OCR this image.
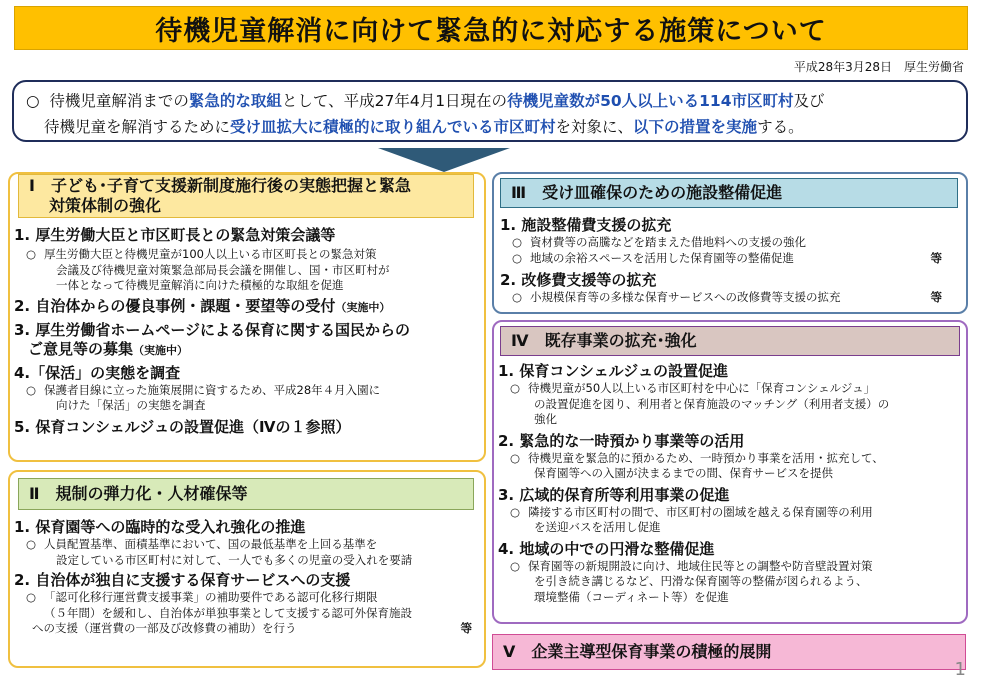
待機児童解消に向けて緊急的に対応する施策について
平成28年3月28日　厚生労働省
○ 待機児童解消までの緊急的な取組として、平成27年4月1日現在の待機児童数が50人以上いる114市区町村及び
待機児童を解消するために受け皿拡大に積極的に取り組んでいる市区町村を対象に、以下の措置を実施する。
Ⅰ　子ども･子育て支援新制度施行後の実態把握と緊急
対策体制の強化
1. 厚生労働大臣と市区町長との緊急対策会議等
○ 厚生労働大臣と待機児童が100人以上いる市区町長との緊急対策
会議及び待機児童対策緊急部局長会議を開催し、国・市区町村が
一体となって待機児童解消に向けた積極的な取組を促進
2. 自治体からの優良事例・課題・要望等の受付（実施中）
3. 厚生労働省ホームページによる保育に関する国民からの
ご意見等の募集（実施中）
4.「保活」の実態を調査
○ 保護者目線に立った施策展開に資するため、平成28年４月入園に
向けた「保活」の実態を調査
5. 保育コンシェルジュの設置促進（Ⅳの１参照）
Ⅱ　規制の弾力化・人材確保等
1. 保育園等への臨時的な受入れ強化の推進
○ 人員配置基準、面積基準において、国の最低基準を上回る基準を
設定している市区町村に対して、一人でも多くの児童の受入れを要請
2. 自治体が独自に支援する保育サービスへの支援
○ 「認可化移行運営費支援事業」の補助要件である認可化移行期限
（５年間）を緩和し、自治体が単独事業として支援する認可外保育施設
への支援（運営費の一部及び改修費の補助）を行う	等
Ⅲ　受け皿確保のための施設整備促進
1. 施設整備費支援の拡充
○ 資材費等の高騰などを踏まえた借地料への支援の強化
○ 地域の余裕スペースを活用した保育園等の整備促進	等
2. 改修費支援等の拡充
○ 小規模保育等の多様な保育サービスへの改修費等支援の拡充	等
Ⅳ　既存事業の拡充･強化
1. 保育コンシェルジュの設置促進
○ 待機児童が50人以上いる市区町村を中心に「保育コンシェルジュ」
の設置促進を図り、利用者と保育施設のマッチング（利用者支援）の
強化
2. 緊急的な一時預かり事業等の活用
○ 待機児童を緊急的に預かるため、一時預かり事業を活用・拡充して、
保育園等への入園が決まるまでの間、保育サービスを提供
3. 広域的保育所等利用事業の促進
○ 隣接する市区町村の間で、市区町村の圏域を越える保育園等の利用
を送迎バスを活用し促進
4. 地域の中での円滑な整備促進
○ 保育園等の新規開設に向け、地域住民等との調整や防音壁設置対策
を引き続き講じるなど、円滑な保育園等の整備が図られるよう、
環境整備（コーディネート等）を促進
Ⅴ　企業主導型保育事業の積極的展開
1
